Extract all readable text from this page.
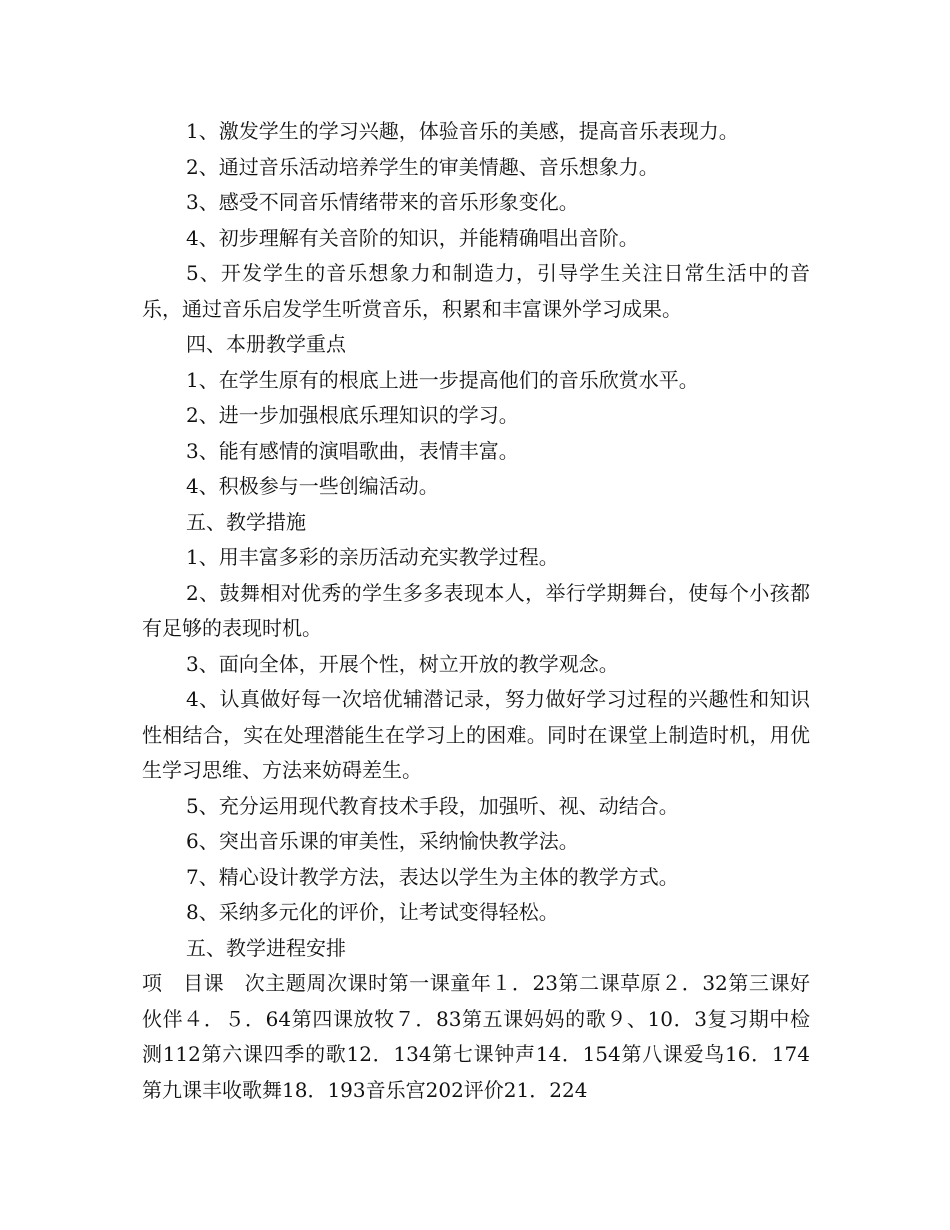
1、激发学生的学习兴趣，体验音乐的美感，提高音乐表现力。

2、通过音乐活动培养学生的审美情趣、音乐想象力。

3、感受不同音乐情绪带来的音乐形象变化。

4、初步理解有关音阶的知识，并能精确唱出音阶。

5、开发学生的音乐想象力和制造力，引导学生关注日常生活中的音乐，通过音乐启发学生听赏音乐，积累和丰富课外学习成果。

四、本册教学重点

1、在学生原有的根底上进一步提高他们的音乐欣赏水平。

2、进一步加强根底乐理知识的学习。

3、能有感情的演唱歌曲，表情丰富。

4、积极参与一些创编活动。

五、教学措施

1、用丰富多彩的亲历活动充实教学过程。

2、鼓舞相对优秀的学生多多表现本人，举行学期舞台，使每个小孩都有足够的表现时机。

3、面向全体，开展个性，树立开放的教学观念。

4、认真做好每一次培优辅潜记录，努力做好学习过程的兴趣性和知识性相结合，实在处理潜能生在学习上的困难。同时在课堂上制造时机，用优生学习思维、方法来妨碍差生。

5、充分运用现代教育技术手段，加强听、视、动结合。

6、突出音乐课的审美性，采纳愉快教学法。

7、精心设计教学方法，表达以学生为主体的教学方式。

8、采纳多元化的评价，让考试变得轻松。

五、教学进程安排

项　目课　次主题周次课时第一课童年１．23第二课草原２．32第三课好伙伴４．５．64第四课放牧７．83第五课妈妈的歌９、10．3复习期中检测112第六课四季的歌12．134第七课钟声14．154第八课爱鸟16．174第九课丰收歌舞18．193音乐宫202评价21．224
